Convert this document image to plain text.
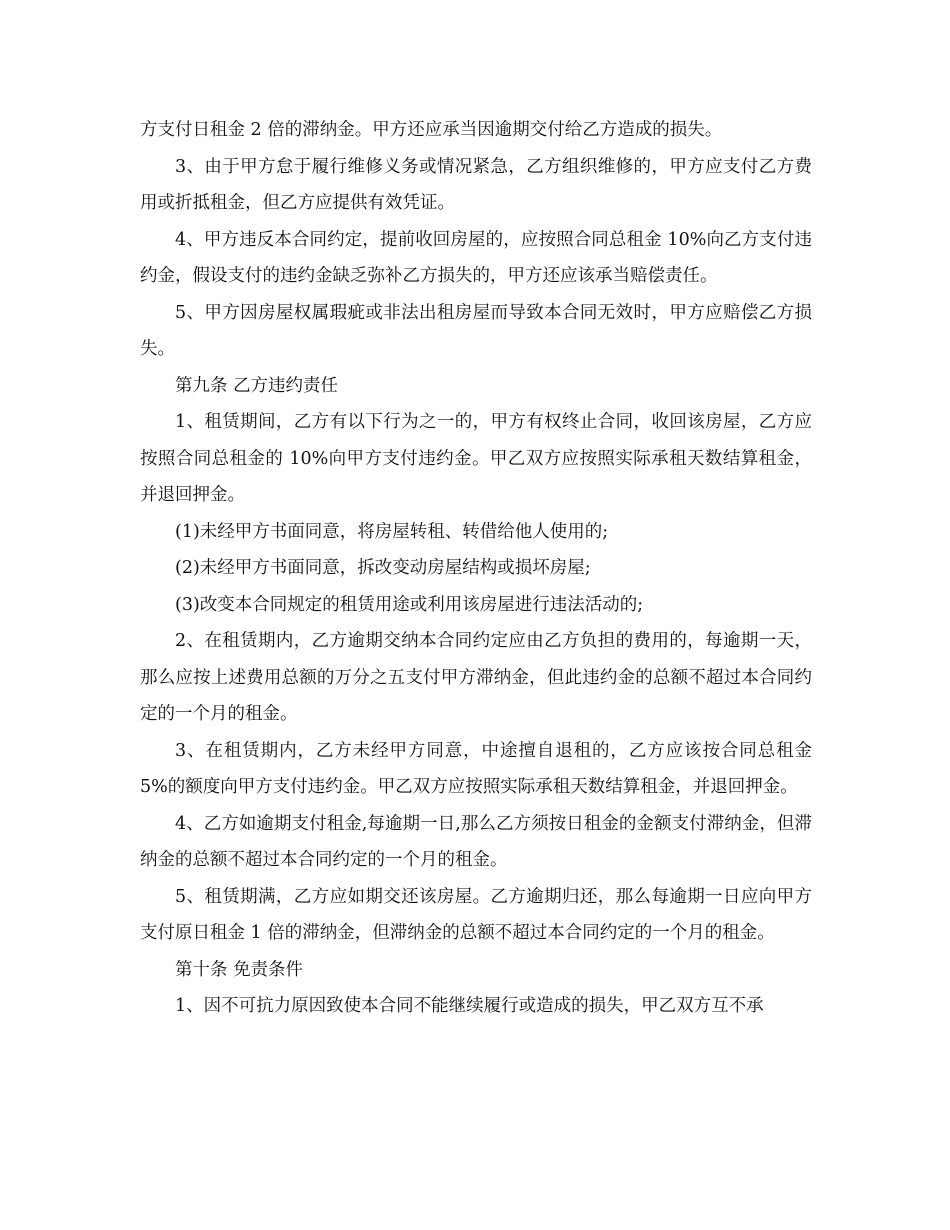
方支付日租金 2 倍的滞纳金。甲方还应承当因逾期交付给乙方造成的损失。

3、由于甲方怠于履行维修义务或情况紧急，乙方组织维修的，甲方应支付乙方费用或折抵租金，但乙方应提供有效凭证。

4、甲方违反本合同约定，提前收回房屋的，应按照合同总租金 10%向乙方支付违约金，假设支付的违约金缺乏弥补乙方损失的，甲方还应该承当赔偿责任。

5、甲方因房屋权属瑕疵或非法出租房屋而导致本合同无效时，甲方应赔偿乙方损失。

第九条 乙方违约责任

1、租赁期间，乙方有以下行为之一的，甲方有权终止合同，收回该房屋，乙方应按照合同总租金的 10%向甲方支付违约金。甲乙双方应按照实际承租天数结算租金，并退回押金。

(1)未经甲方书面同意，将房屋转租、转借给他人使用的;

(2)未经甲方书面同意，拆改变动房屋结构或损坏房屋;

(3)改变本合同规定的租赁用途或利用该房屋进行违法活动的;

2、在租赁期内，乙方逾期交纳本合同约定应由乙方负担的费用的，每逾期一天，那么应按上述费用总额的万分之五支付甲方滞纳金，但此违约金的总额不超过本合同约定的一个月的租金。

3、在租赁期内，乙方未经甲方同意，中途擅自退租的，乙方应该按合同总租金 5%的额度向甲方支付违约金。甲乙双方应按照实际承租天数结算租金，并退回押金。

4、乙方如逾期支付租金,每逾期一日,那么乙方须按日租金的金额支付滞纳金，但滞纳金的总额不超过本合同约定的一个月的租金。

5、租赁期满，乙方应如期交还该房屋。乙方逾期归还，那么每逾期一日应向甲方支付原日租金 1 倍的滞纳金，但滞纳金的总额不超过本合同约定的一个月的租金。

第十条 免责条件

1、因不可抗力原因致使本合同不能继续履行或造成的损失，甲乙双方互不承
